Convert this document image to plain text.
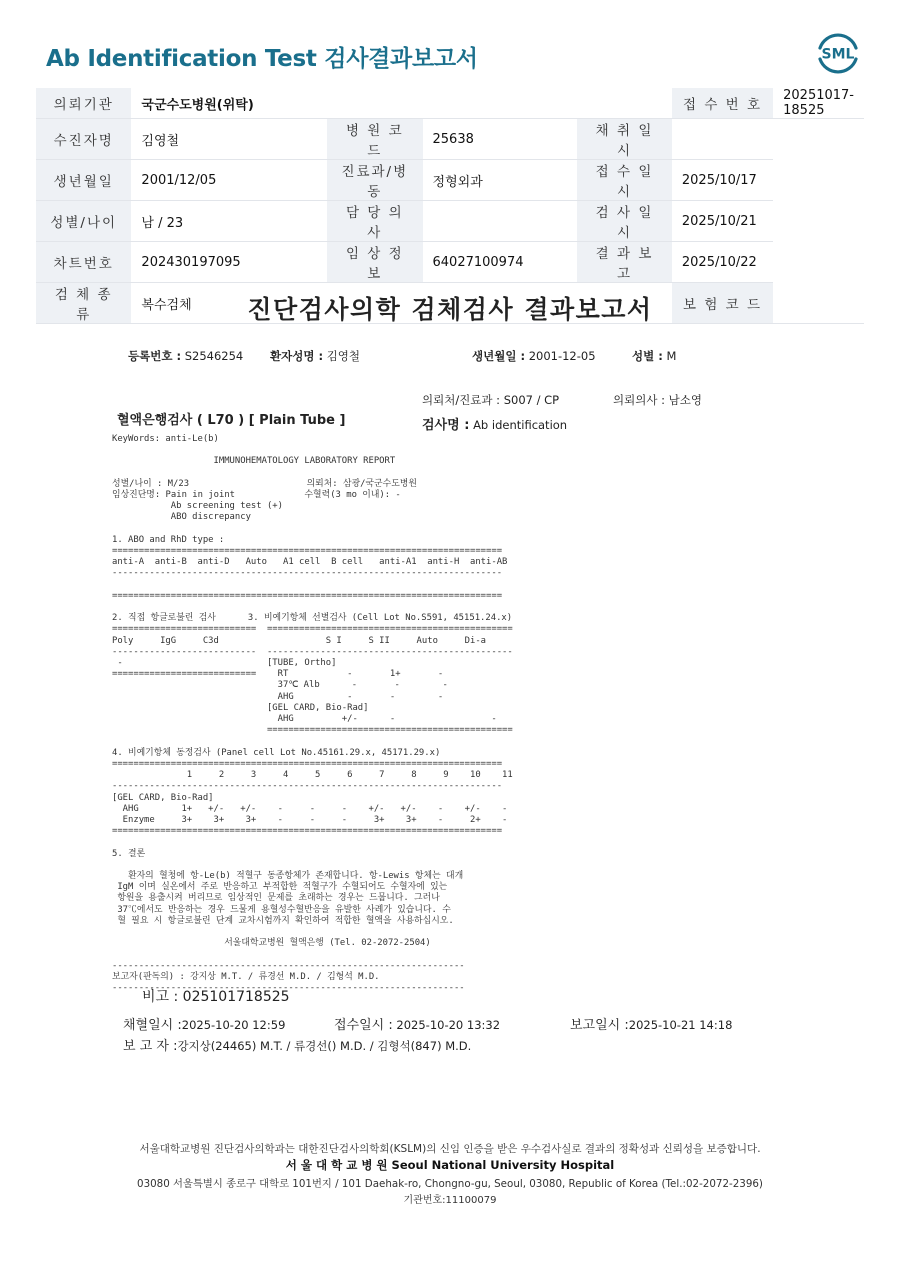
Ab Identification Test 검사결과보고서	SML
의뢰기관	국군수도병원(위탁)				접 수 번 호	20251017-18525
수진자명	김영철	병 원 코 드	25638	채 취 일 시	
생년월일	2001/12/05	진료과/병동	정형외과	접 수 일 시	2025/10/17	
성별/나이	남 / 23	담 당 의 사		검 사 일 시	2025/10/21	
차트번호	202430197095	임 상 정 보	64027100974	결 과 보 고	2025/10/22	
검 체 종 류	복수검체				보 험 코 드	
진단검사의학 검체검사 결과보고서
등록번호 : S2546254 환자성명 : 김영철	생년월일 : 2001-12-05	성별 : M
의뢰처/진료과 : S007 / CP	의뢰의사 : 남소영
혈액은행검사 ( L70 ) [ Plain Tube ]	검사명 : Ab identification
KeyWords: anti-Le(b)

IMMUNOHEMATOLOGY LABORATORY REPORT

성별/나이 : M/23                      의뢰처: 삼광/국군수도병원
임상진단명: Pain in joint             수혈력(3 mo 이내): -
Ab screening test (+)
ABO discrepancy

1. ABO and RhD type :
=========================================================================
anti-A  anti-B  anti-D   Auto   A1 cell  B cell   anti-A1  anti-H  anti-AB
-------------------------------------------------------------------------

=========================================================================

2. 직접 항글로불린 검사      3. 비예기항체 선별검사 (Cell Lot No.S591, 45151.24.x)
===========================  ==============================================
Poly     IgG     C3d                    S I     S II     Auto     Di-a
---------------------------  ----------------------------------------------
-                           [TUBE, Ortho]
===========================    RT           -       1+       -
37℃ Alb      -       -        -
AHG          -       -        -
[GEL CARD, Bio-Rad]
AHG         +/-      -                  -
==============================================

4. 비예기항체 동정검사 (Panel cell Lot No.45161.29.x, 45171.29.x)
=========================================================================
1     2     3     4     5     6     7     8     9    10    11
-------------------------------------------------------------------------
[GEL CARD, Bio-Rad]
AHG        1+   +/-   +/-    -     -     -    +/-   +/-    -    +/-    -
Enzyme     3+    3+    3+    -     -     -     3+    3+    -     2+    -
=========================================================================

5. 결론

환자의 혈청에 항-Le(b) 적혈구 동종항체가 존재합니다. 항-Lewis 항체는 대개
IgM 이며 실온에서 주로 반응하고 부적합한 적혈구가 수혈되어도 수혈자에 있는
항원을 용출시켜 버리므로 임상적인 문제를 초래하는 경우는 드뭅니다. 그러나
37℃에서도 반응하는 경우 드물게 용혈성수혈반응을 유발한 사례가 있습니다. 수
혈 필요 시 항글로불린 단계 교차시험까지 확인하여 적합한 혈액을 사용하십시오.

서울대학교병원 혈액은행 (Tel. 02-2072-2504)

------------------------------------------------------------------
보고자(판독의) : 강지상 M.T. / 류경선 M.D. / 김형석 M.D.
------------------------------------------------------------------
비고 : 025101718525
채혈일시 :2025-10-20 12:59	접수일시 : 2025-10-20 13:32	보고일시 :2025-10-21 14:18
보 고 자 :강지상(24465) M.T. / 류경선() M.D. / 김형석(847) M.D.
서울대학교병원 진단검사의학과는 대한진단검사의학회(KSLM)의 신임 인증을 받은 우수검사실로 결과의 정확성과 신뢰성을 보증합니다.
서 울 대 학 교 병 원 Seoul National University Hospital
03080 서울특별시 종로구 대학로 101번지 / 101 Daehak-ro, Chongno-gu, Seoul, 03080, Republic of Korea (Tel.:02-2072-2396)
기관번호:11100079
